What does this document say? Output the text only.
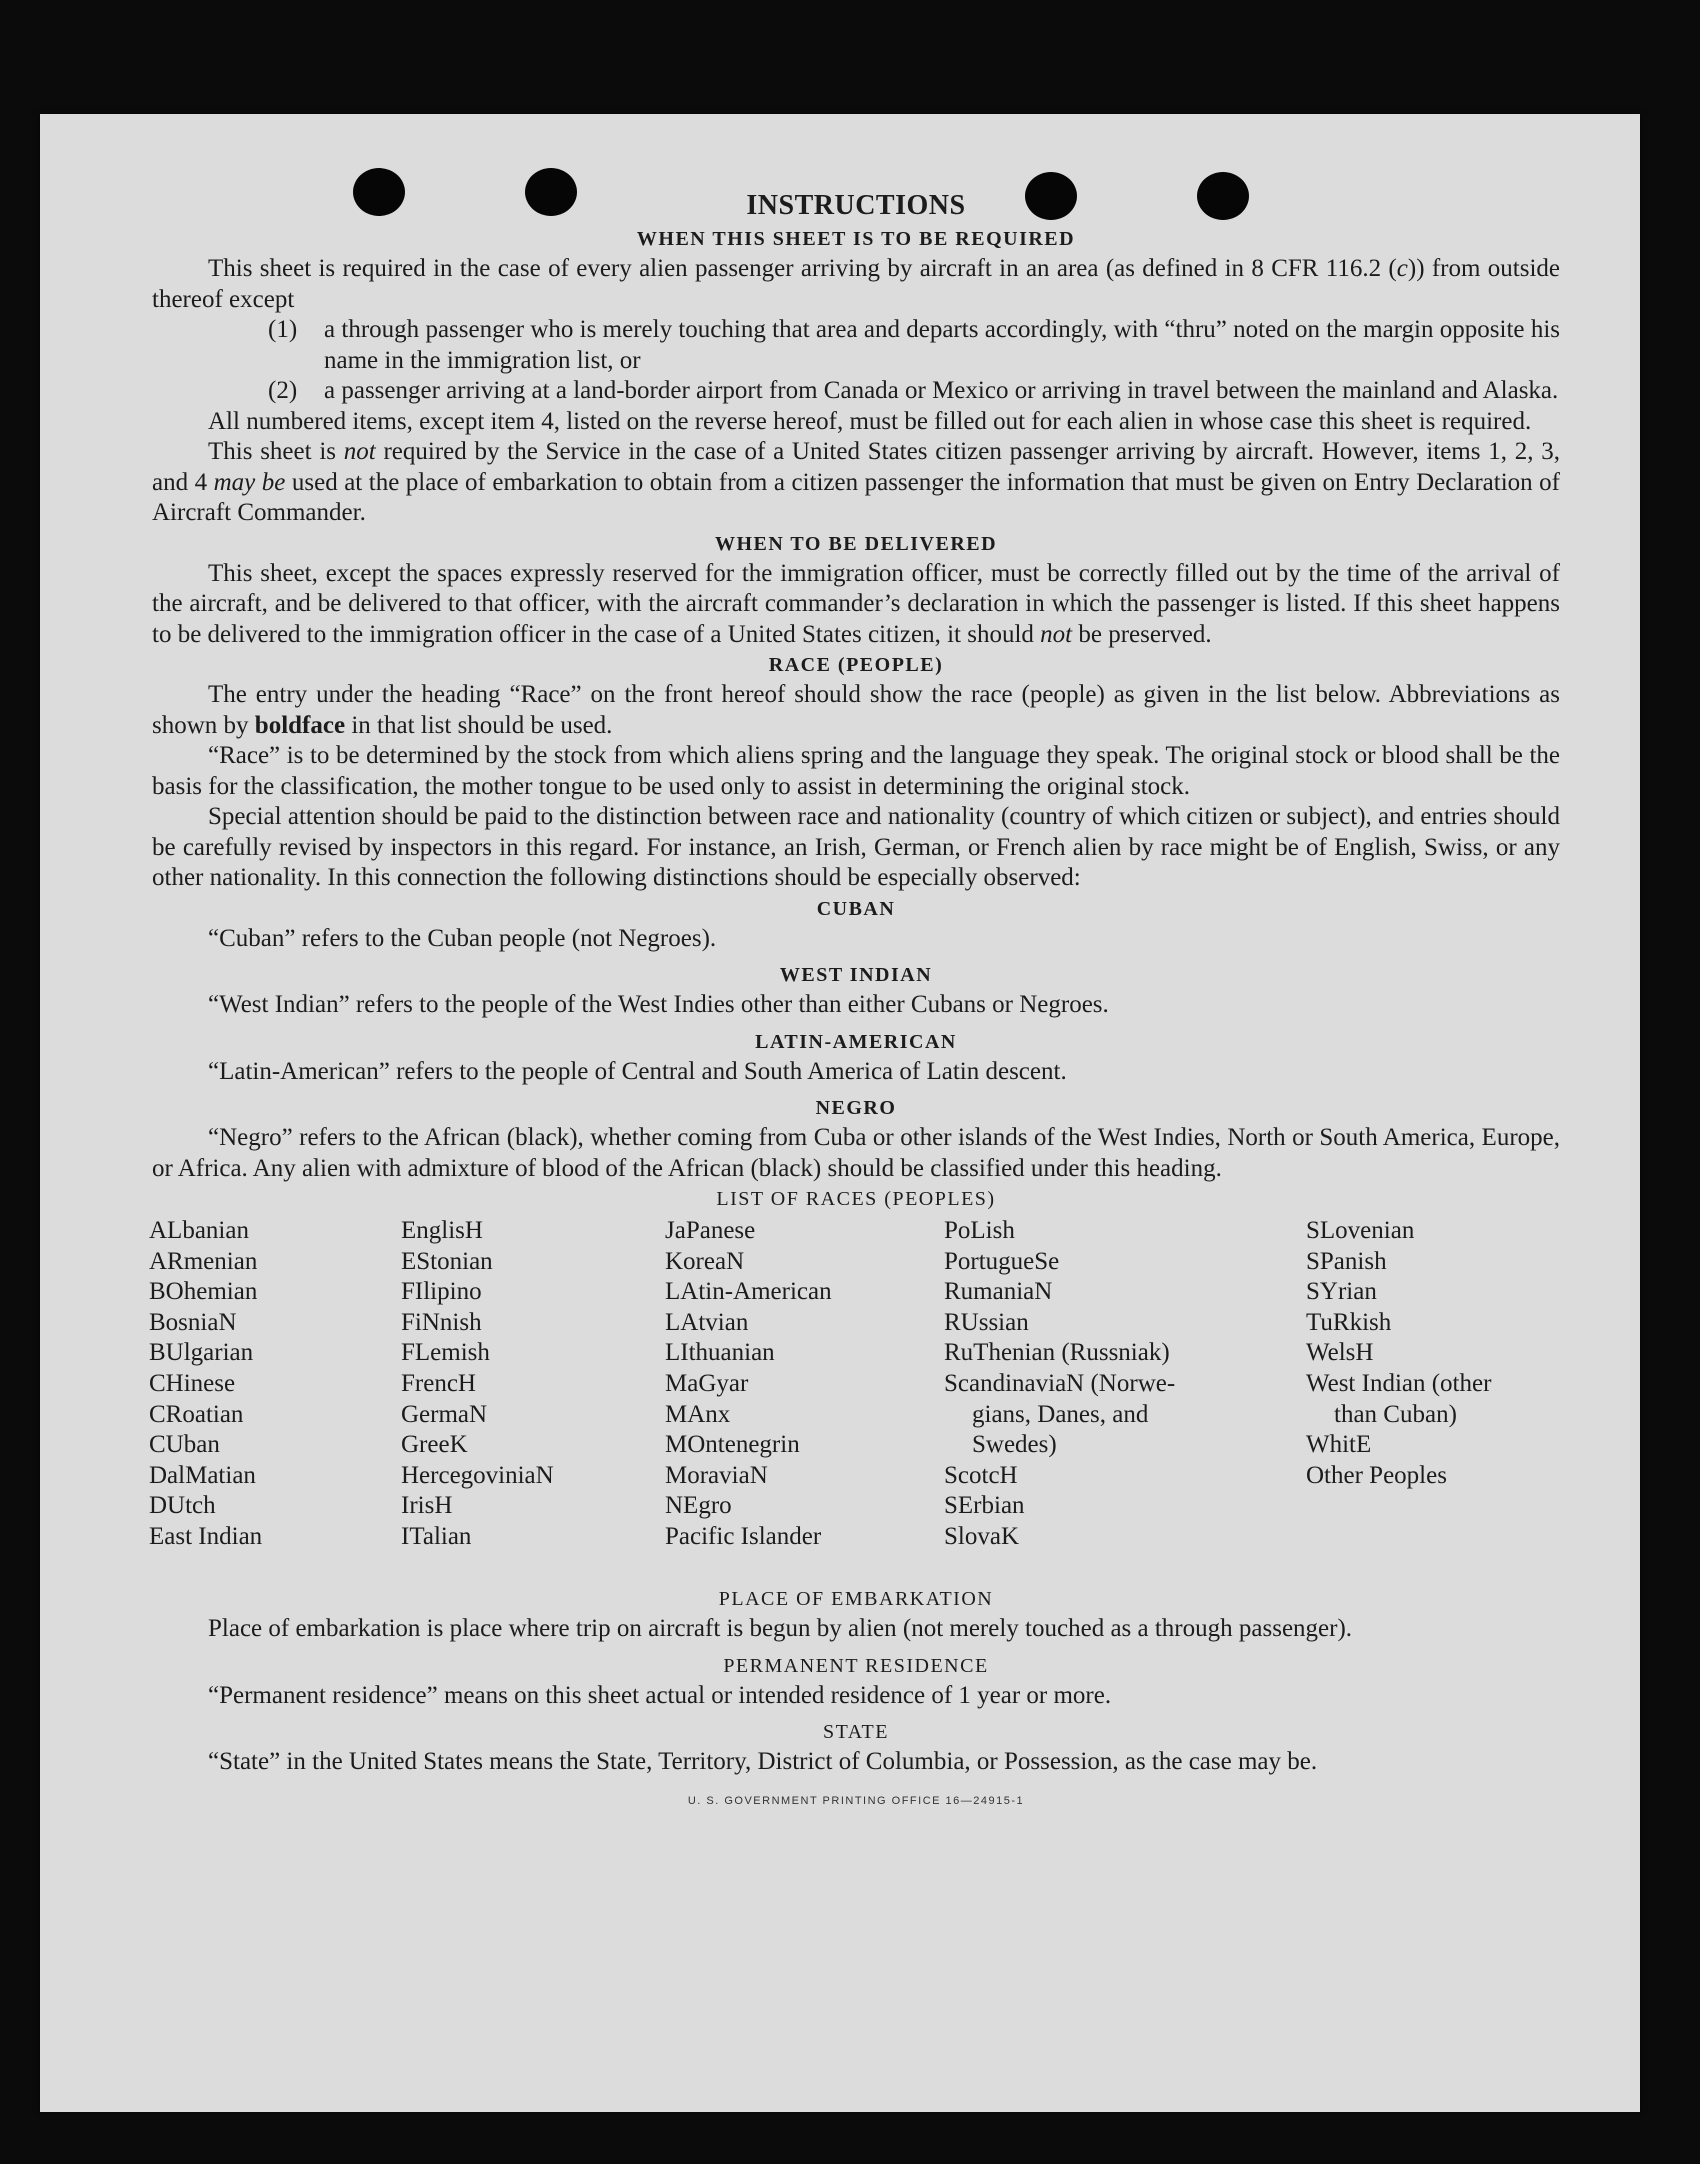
INSTRUCTIONS
WHEN THIS SHEET IS TO BE REQUIRED

This sheet is required in the case of every alien passenger arriving by aircraft in an area (as defined in 8 CFR 116.2 (c)) from outside thereof except

(1)	a through passenger who is merely touching that area and departs accordingly, with “thru” noted on the margin opposite his name in the immigration list, or
(2)	a passenger arriving at a land-border airport from Canada or Mexico or arriving in travel between the mainland and Alaska.

All numbered items, except item 4, listed on the reverse hereof, must be filled out for each alien in whose case this sheet is required.

This sheet is not required by the Service in the case of a United States citizen passenger arriving by aircraft. However, items 1, 2, 3, and 4 may be used at the place of embarkation to obtain from a citizen passenger the information that must be given on Entry Declaration of Aircraft Commander.

WHEN TO BE DELIVERED

This sheet, except the spaces expressly reserved for the immigration officer, must be correctly filled out by the time of the arrival of the aircraft, and be delivered to that officer, with the aircraft commander’s declaration in which the passenger is listed. If this sheet happens to be delivered to the immigration officer in the case of a United States citizen, it should not be preserved.

RACE (PEOPLE)

The entry under the heading “Race” on the front hereof should show the race (people) as given in the list below. Abbreviations as shown by boldface in that list should be used.

“Race” is to be determined by the stock from which aliens spring and the language they speak. The original stock or blood shall be the basis for the classification, the mother tongue to be used only to assist in determining the original stock.

Special attention should be paid to the distinction between race and nationality (country of which citizen or subject), and entries should be carefully revised by inspectors in this regard. For instance, an Irish, German, or French alien by race might be of English, Swiss, or any other nationality. In this connection the following distinctions should be especially observed:

CUBAN

“Cuban” refers to the Cuban people (not Negroes).

WEST INDIAN

“West Indian” refers to the people of the West Indies other than either Cubans or Negroes.

LATIN-AMERICAN

“Latin-American” refers to the people of Central and South America of Latin descent.

NEGRO

“Negro” refers to the African (black), whether coming from Cuba or other islands of the West Indies, North or South America, Europe, or Africa. Any alien with admixture of blood of the African (black) should be classified under this heading.

LIST OF RACES (PEOPLES)
ALbanian
ARmenian
BOhemian
BosniaN
BUlgarian
CHinese
CRoatian
CUban
DalMatian
DUtch
East Indian
EnglisH
EStonian
FIlipino
FiNnish
FLemish
FrencH
GermaN
GreeK
HercegoviniaN
IrisH
ITalian
JaPanese
KoreaN
LAtin-American
LAtvian
LIthuanian
MaGyar
MAnx
MOntenegrin
MoraviaN
NEgro
Pacific Islander
PoLish
PortugueSe
RumaniaN
RUssian
RuThenian (Russniak)
ScandinaviaN (Norwe-
gians, Danes, and
Swedes)
ScotcH
SErbian
SlovaK
SLovenian
SPanish
SYrian
TuRkish
WelsH
West Indian (other
than Cuban)
WhitE
Other Peoples
PLACE OF EMBARKATION

Place of embarkation is place where trip on aircraft is begun by alien (not merely touched as a through passenger).

PERMANENT RESIDENCE

“Permanent residence” means on this sheet actual or intended residence of 1 year or more.

STATE

“State” in the United States means the State, Territory, District of Columbia, or Possession, as the case may be.

U. S. GOVERNMENT PRINTING OFFICE 16—24915-1
